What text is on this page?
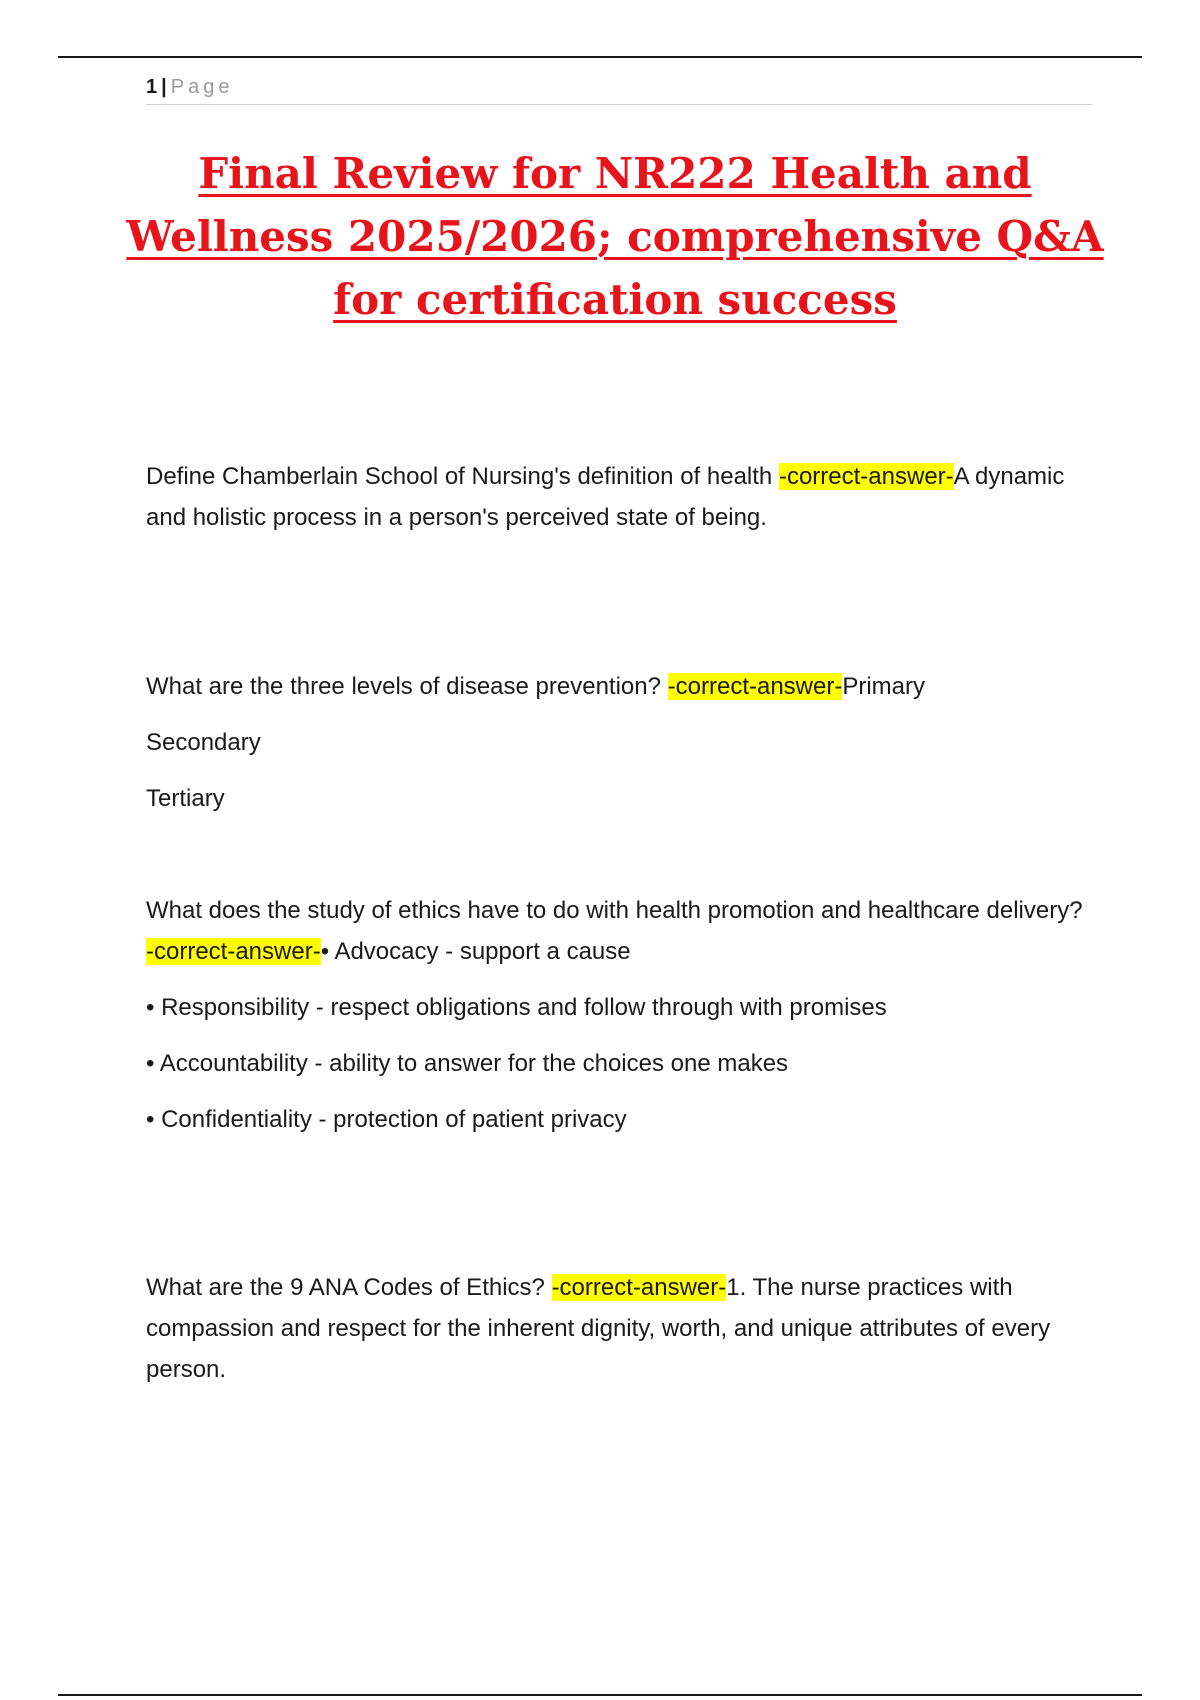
1 | Page
Final Review for NR222 Health and Wellness 2025/2026; comprehensive Q&A for certification success

Define Chamberlain School of Nursing's definition of health -correct-answer-A dynamic and holistic process in a person's perceived state of being.

What are the three levels of disease prevention? -correct-answer-Primary

Secondary

Tertiary

What does the study of ethics have to do with health promotion and healthcare delivery? -correct-answer-• Advocacy - support a cause

• Responsibility - respect obligations and follow through with promises

• Accountability - ability to answer for the choices one makes

• Confidentiality - protection of patient privacy

What are the 9 ANA Codes of Ethics? -correct-answer-1. The nurse practices with compassion and respect for the inherent dignity, worth, and unique attributes of every person.
